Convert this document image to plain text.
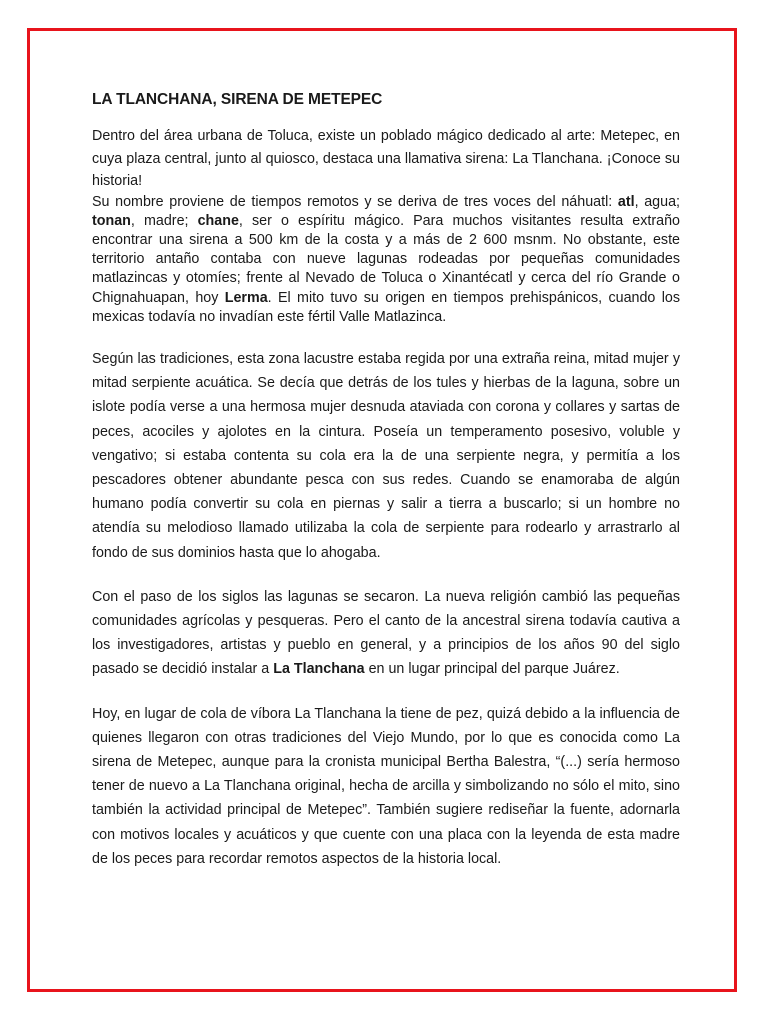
LA TLANCHANA, SIRENA DE METEPEC

Dentro del área urbana de Toluca, existe un poblado mágico dedicado al arte: Metepec, en cuya plaza central, junto al quiosco, destaca una llamativa sirena: La Tlanchana. ¡Conoce su historia!

Su nombre proviene de tiempos remotos y se deriva de tres voces del náhuatl: atl, agua; tonan, madre; chane, ser o espíritu mágico. Para muchos visitantes resulta extraño encontrar una sirena a 500 km de la costa y a más de 2 600 msnm. No obstante, este territorio antaño contaba con nueve lagunas rodeadas por pequeñas comunidades matlazincas y otomíes; frente al Nevado de Toluca o Xinantécatl y cerca del río Grande o Chignahuapan, hoy Lerma. El mito tuvo su origen en tiempos prehispánicos, cuando los mexicas todavía no invadían este fértil Valle Matlazinca.

Según las tradiciones, esta zona lacustre estaba regida por una extraña reina, mitad mujer y mitad serpiente acuática. Se decía que detrás de los tules y hierbas de la laguna, sobre un islote podía verse a una hermosa mujer desnuda ataviada con corona y collares y sartas de peces, acociles y ajolotes en la cintura. Poseía un temperamento posesivo, voluble y vengativo; si estaba contenta su cola era la de una serpiente negra, y permitía a los pescadores obtener abundante pesca con sus redes. Cuando se enamoraba de algún humano podía convertir su cola en piernas y salir a tierra a buscarlo; si un hombre no atendía su melodioso llamado utilizaba la cola de serpiente para rodearlo y arrastrarlo al fondo de sus dominios hasta que lo ahogaba.

Con el paso de los siglos las lagunas se secaron. La nueva religión cambió las pequeñas comunidades agrícolas y pesqueras. Pero el canto de la ancestral sirena todavía cautiva a los investigadores, artistas y pueblo en general, y a principios de los años 90 del siglo pasado se decidió instalar a La Tlanchana en un lugar principal del parque Juárez.

Hoy, en lugar de cola de víbora La Tlanchana la tiene de pez, quizá debido a la influencia de quienes llegaron con otras tradiciones del Viejo Mundo, por lo que es conocida como La sirena de Metepec, aunque para la cronista municipal Bertha Balestra, “(...) sería hermoso tener de nuevo a La Tlanchana original, hecha de arcilla y simbolizando no sólo el mito, sino también la actividad principal de Metepec”. También sugiere rediseñar la fuente, adornarla con motivos locales y acuáticos y que cuente con una placa con la leyenda de esta madre de los peces para recordar remotos aspectos de la historia local.
